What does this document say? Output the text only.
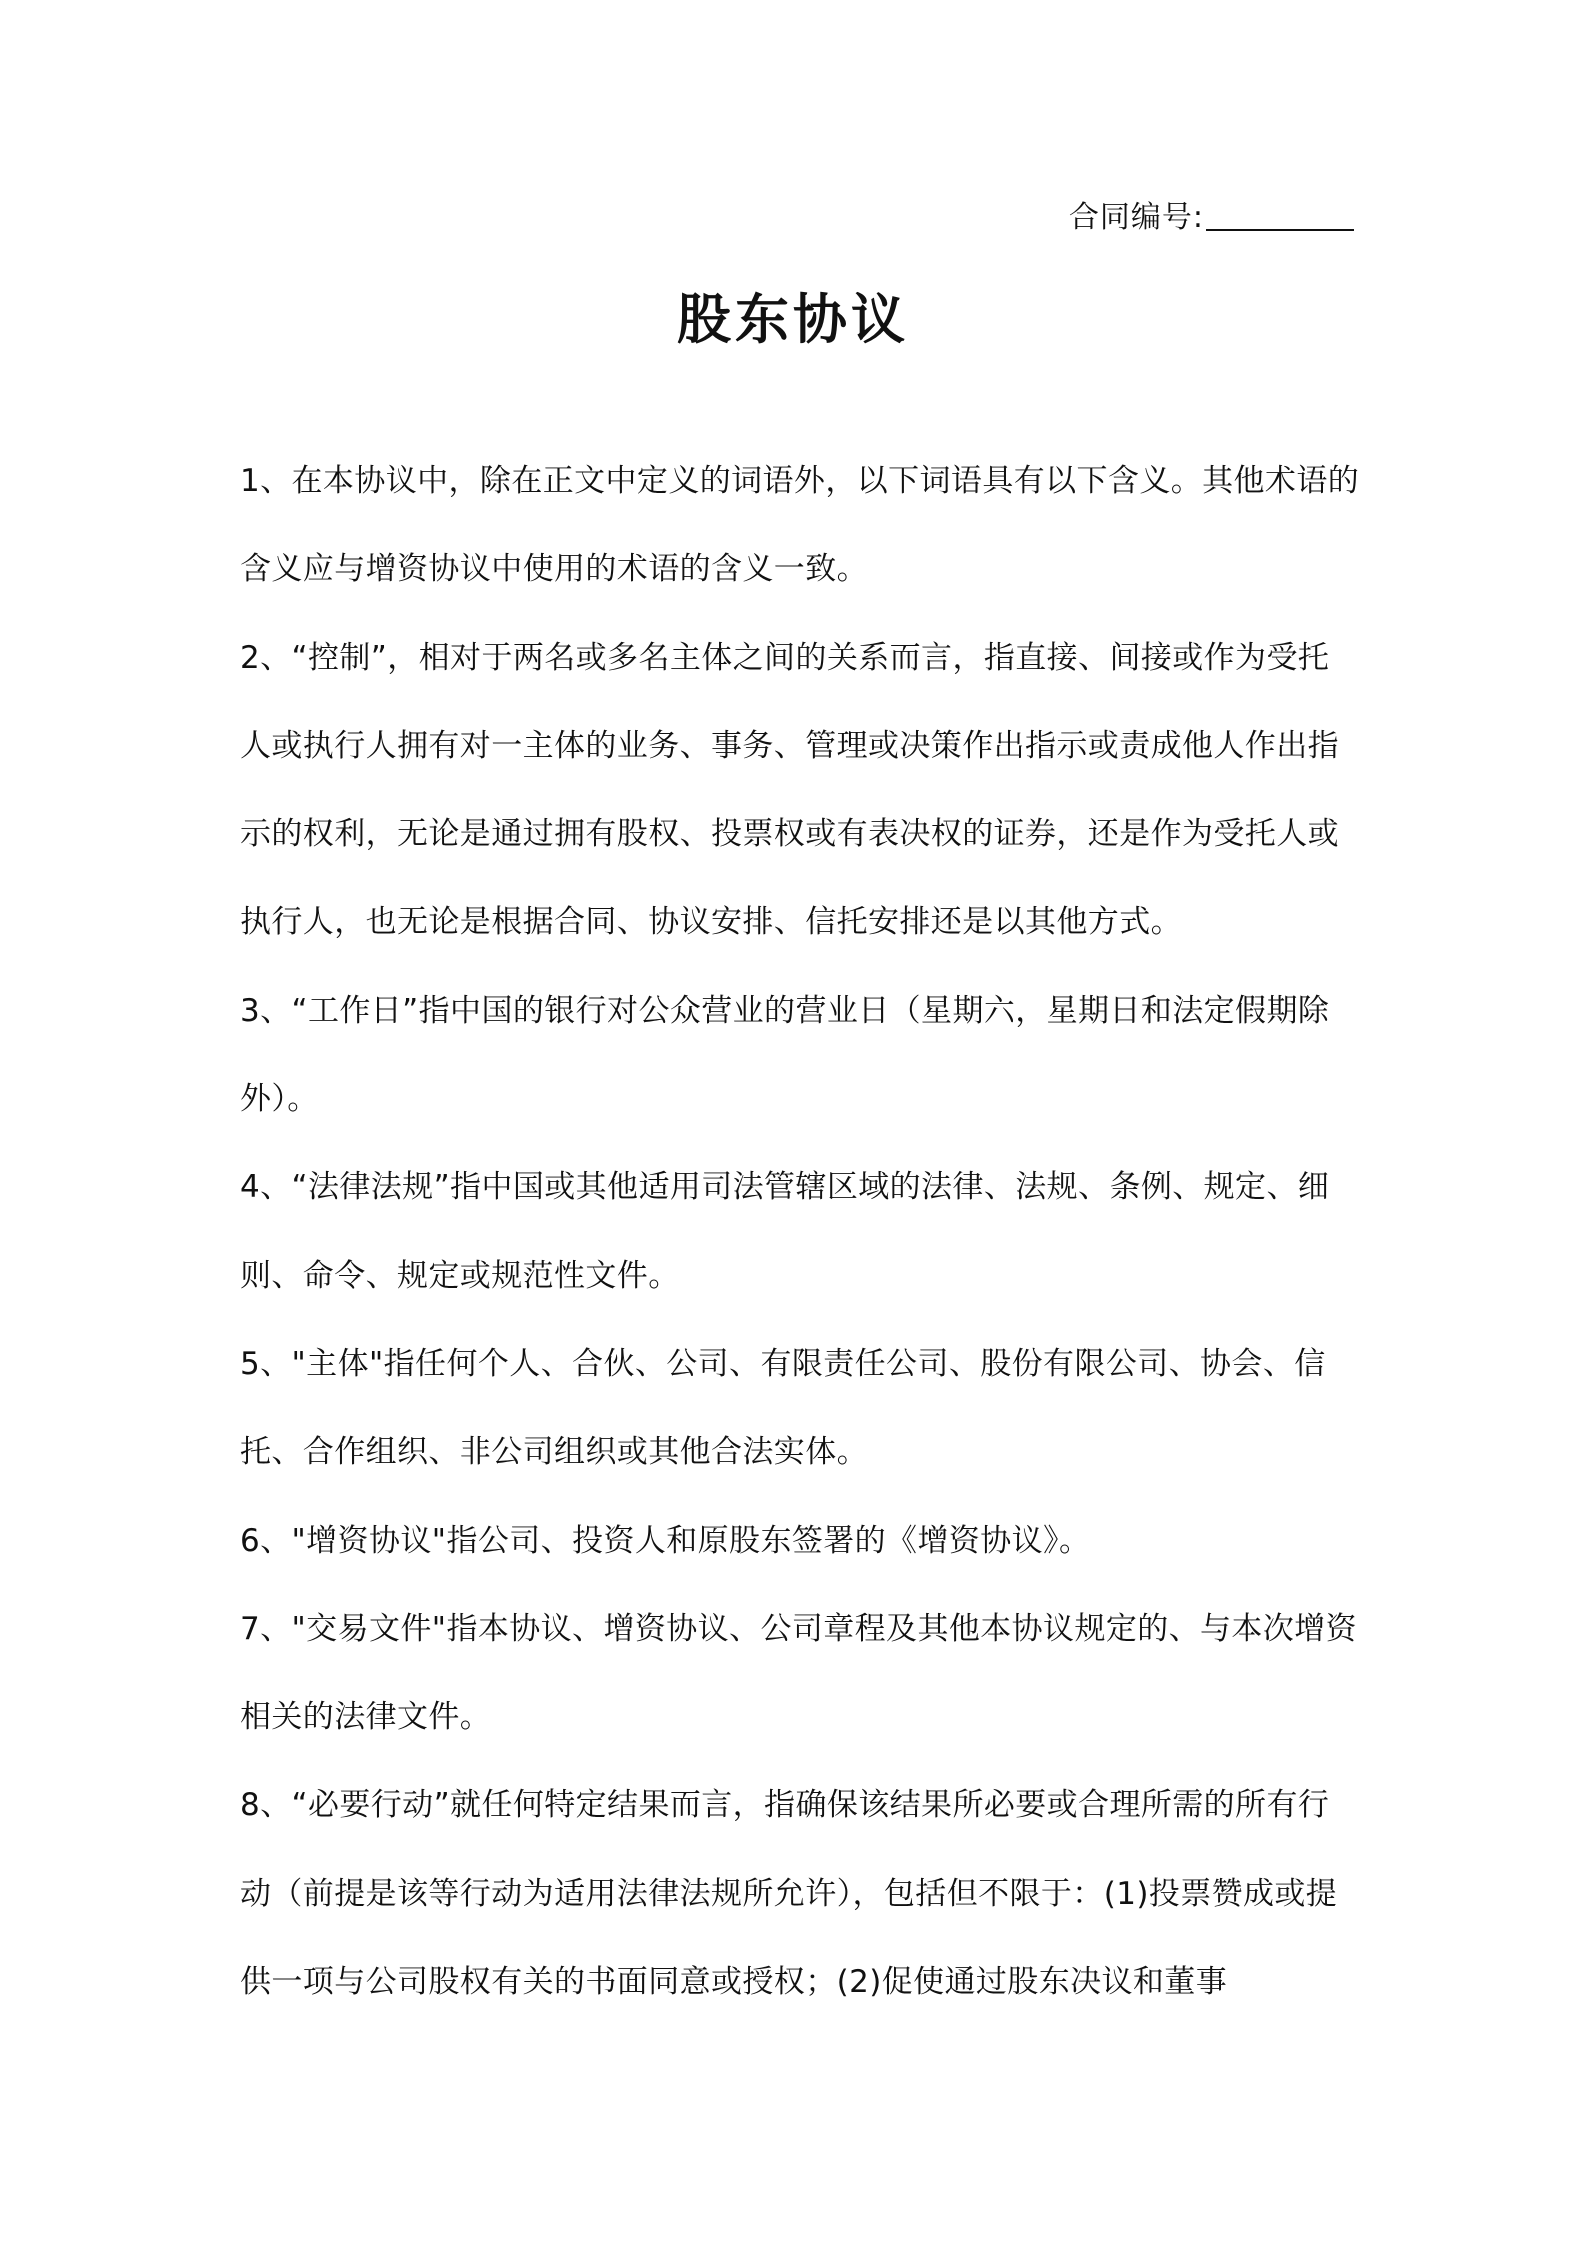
合同编号:
股东协议

1、在本协议中，除在正文中定义的词语外，以下词语具有以下含义。其他术语的含义应与增资协议中使用的术语的含义一致。

2、“控制”，相对于两名或多名主体之间的关系而言，指直接、间接或作为受托人或执行人拥有对一主体的业务、事务、管理或决策作出指示或责成他人作出指示的权利，无论是通过拥有股权、投票权或有表决权的证券，还是作为受托人或执行人，也无论是根据合同、协议安排、信托安排还是以其他方式。

3、“工作日”指中国的银行对公众营业的营业日（星期六，星期日和法定假期除外）。

4、“法律法规”指中国或其他适用司法管辖区域的法律、法规、条例、规定、细则、命令、规定或规范性文件。

5、"主体"指任何个人、合伙、公司、有限责任公司、股份有限公司、协会、信托、合作组织、非公司组织或其他合法实体。

6、"增资协议"指公司、投资人和原股东签署的《增资协议》。

7、"交易文件"指本协议、增资协议、公司章程及其他本协议规定的、与本次增资相关的法律文件。

8、“必要行动”就任何特定结果而言，指确保该结果所必要或合理所需的所有行动（前提是该等行动为适用法律法规所允许），包括但不限于：(1)投票赞成或提供一项与公司股权有关的书面同意或授权；(2)促使通过股东决议和董事
